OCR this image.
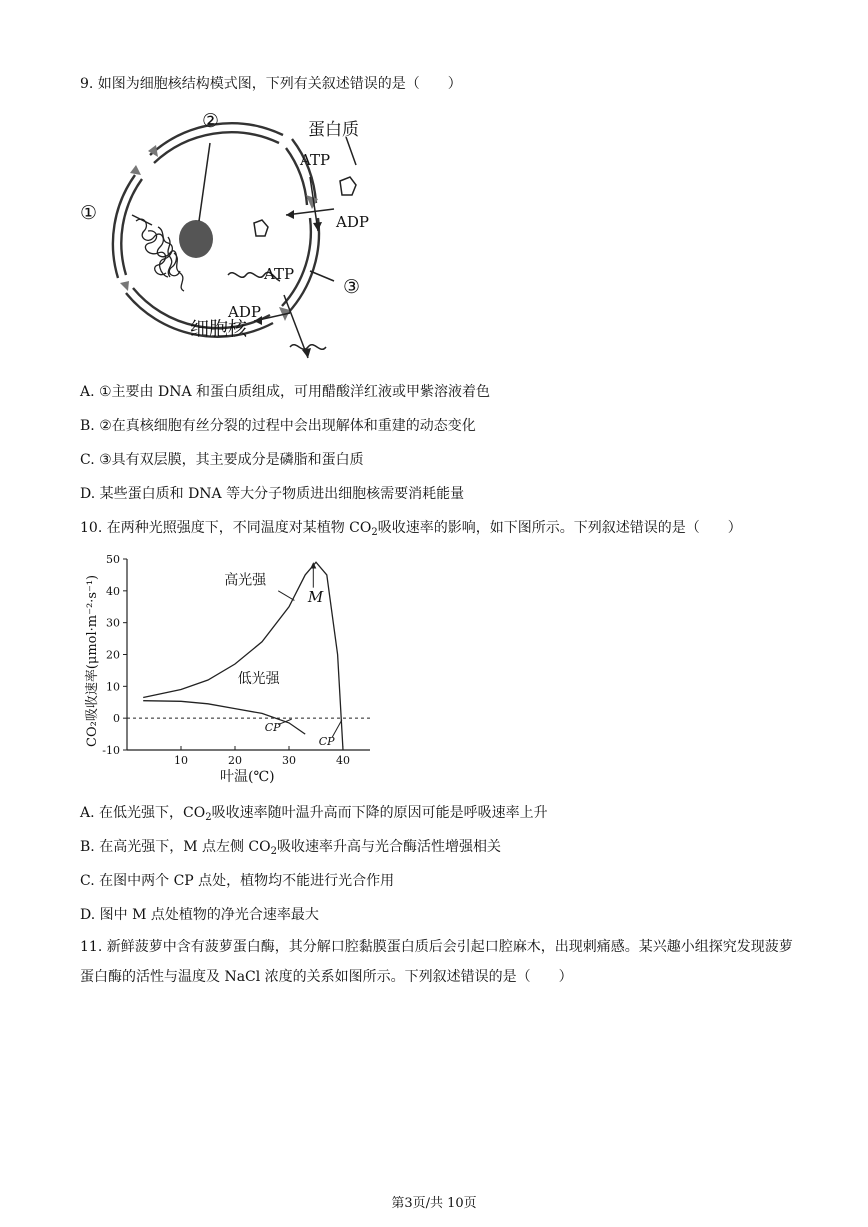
9. 如图为细胞核结构模式图，下列有关叙述错误的是（　　）
②
①
③
蛋白质
ATP
ADP
ATP
ADP
细胞核
A. ①主要由 DNA 和蛋白质组成，可用醋酸洋红液或甲紫溶液着色
B. ②在真核细胞有丝分裂的过程中会出现解体和重建的动态变化
C. ③具有双层膜，其主要成分是磷脂和蛋白质
D. 某些蛋白质和 DNA 等大分子物质进出细胞核需要消耗能量
10. 在两种光照强度下，不同温度对某植物 $CO_2$吸收速率的影响，如下图所示。下列叙述错误的是（　　）
-10
0
10
20
30
40
50
10	20	30	40
叶温(℃)
CO₂吸收速率(μmol·m⁻²·s⁻¹)	高光强
低光强
M
CP
CP
A. 在低光强下，$CO_2$吸收速率随叶温升高而下降的原因可能是呼吸速率上升
B. 在高光强下，M 点左侧 $CO_2$吸收速率升高与光合酶活性增强相关
C. 在图中两个 CP 点处，植物均不能进行光合作用
D. 图中 M 点处植物的净光合速率最大
11. 新鲜菠萝中含有菠萝蛋白酶，其分解口腔黏膜蛋白质后会引起口腔麻木，出现刺痛感。某兴趣小组探究发现菠萝蛋白酶的活性与温度及 NaCl 浓度的关系如图所示。下列叙述错误的是（　　）
第3页/共 10页
